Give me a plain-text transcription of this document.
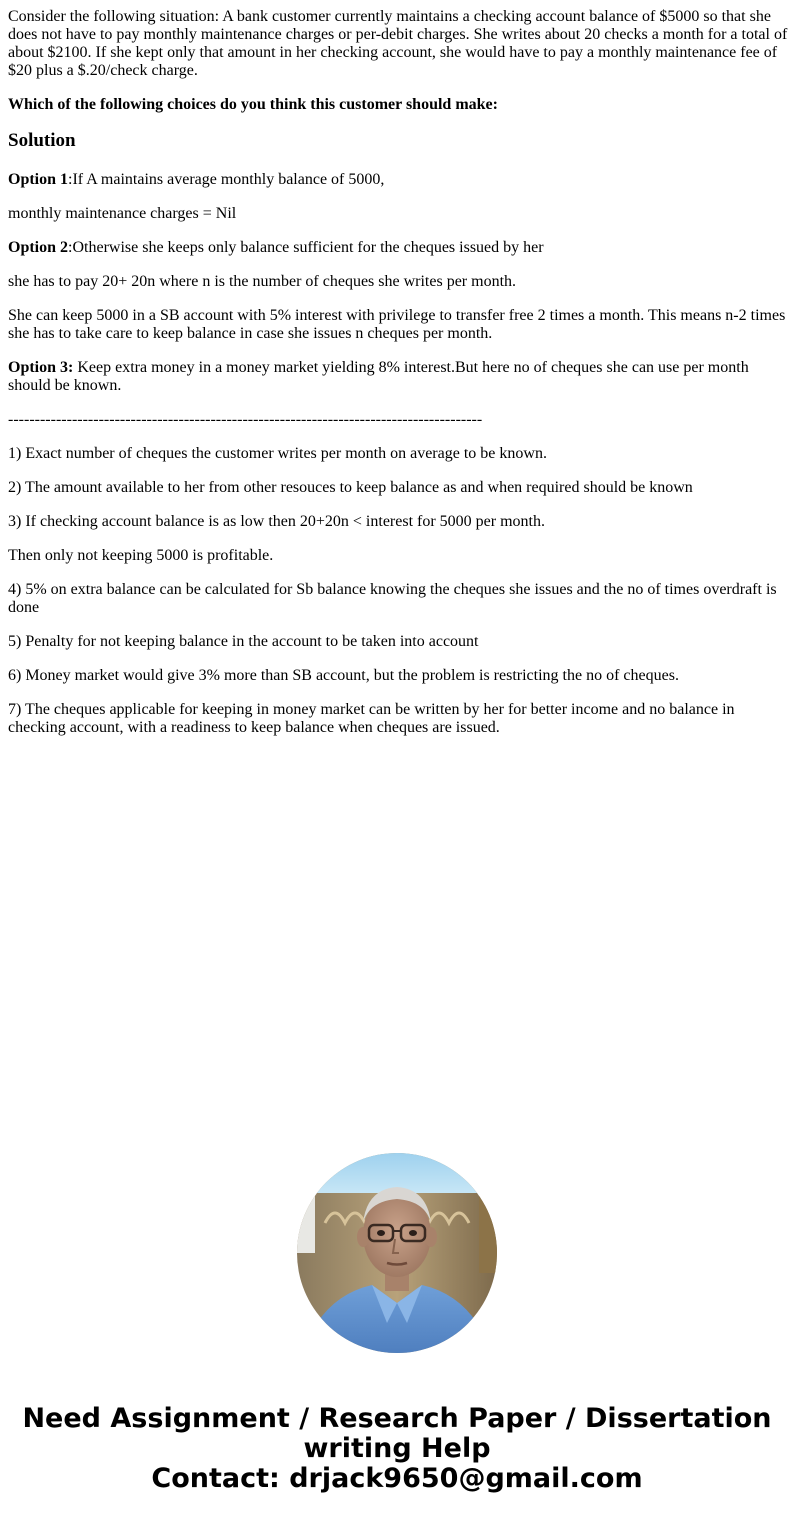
Consider the following situation: A bank customer currently maintains a checking account balance of $5000 so that she does not have to pay monthly maintenance charges or per-debit charges. She writes about 20 checks a month for a total of about $2100. If she kept only that amount in her checking account, she would have to pay a monthly maintenance fee of $20 plus a $.20/check charge.

Which of the following choices do you think this customer should make:

Solution

Option 1:If A maintains average monthly balance of 5000,

monthly maintenance charges = Nil

Option 2:Otherwise she keeps only balance sufficient for the cheques issued by her

she has to pay 20+ 20n where n is the number of cheques she writes per month.

She can keep 5000 in a SB account with 5% interest with privilege to transfer free 2 times a month. This means n-2 times she has to take care to keep balance in case she issues n cheques per month.

Option 3: Keep extra money in a money market yielding 8% interest.But here no of cheques she can use per month should be known.

-----------------------------------------------------------------------------------------

1) Exact number of cheques the customer writes per month on average to be known.

2) The amount available to her from other resouces to keep balance as and when required should be known

3) If checking account balance is as low then 20+20n < interest for 5000 per month.

Then only not keeping 5000 is profitable.

4) 5% on extra balance can be calculated for Sb balance knowing the cheques she issues and the no of times overdraft is done

5) Penalty for not keeping balance in the account to be taken into account

6) Money market would give 3% more than SB account, but the problem is restricting the no of cheques.

7) The cheques applicable for keeping in money market can be written by her for better income and no balance in checking account, with a readiness to keep balance when cheques are issued.

Need Assignment / Research Paper / Dissertation
writing Help
Contact: drjack9650@gmail.com
